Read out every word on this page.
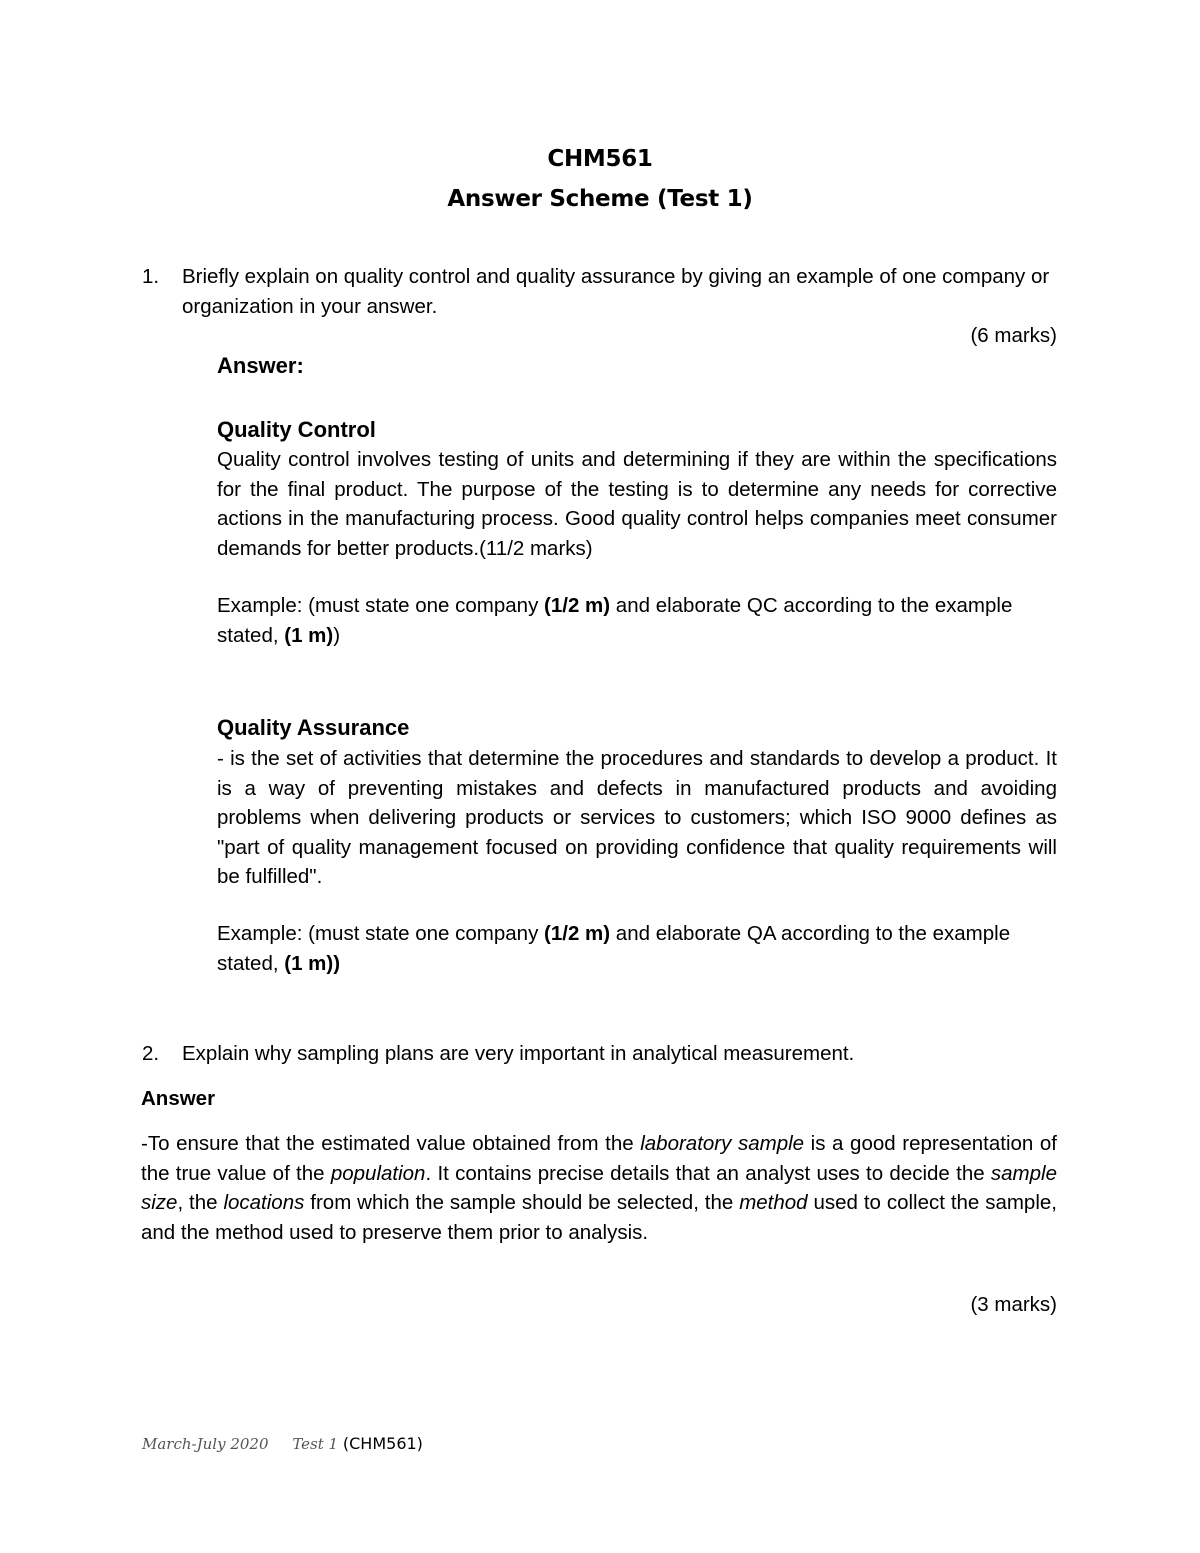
CHM561
Answer Scheme (Test 1)
1. Briefly explain on quality control and quality assurance by giving an example of one company or organization in your answer.
(6 marks)
Answer:
Quality Control
Quality control involves testing of units and determining if they are within the specifications for the final product. The purpose of the testing is to determine any needs for corrective actions in the manufacturing process. Good quality control helps companies meet consumer demands for better products.(11/2 marks)
Example: (must state one company (1/2 m) and elaborate QC according to the example stated, (1 m))
Quality Assurance
- is the set of activities that determine the procedures and standards to develop a product. It is a way of preventing mistakes and defects in manufactured products and avoiding problems when delivering products or services to customers; which ISO 9000 defines as "part of quality management focused on providing confidence that quality requirements will be fulfilled".
Example: (must state one company (1/2 m) and elaborate QA according to the example stated, (1 m))
2. Explain why sampling plans are very important in analytical measurement.
Answer
-To ensure that the estimated value obtained from the laboratory sample is a good representation of the true value of the population. It contains precise details that an analyst uses to decide the sample size, the locations from which the sample should be selected, the method used to collect the sample, and the method used to preserve them prior to analysis.
(3 marks)
March-July 2020 Test 1 (CHM561)
